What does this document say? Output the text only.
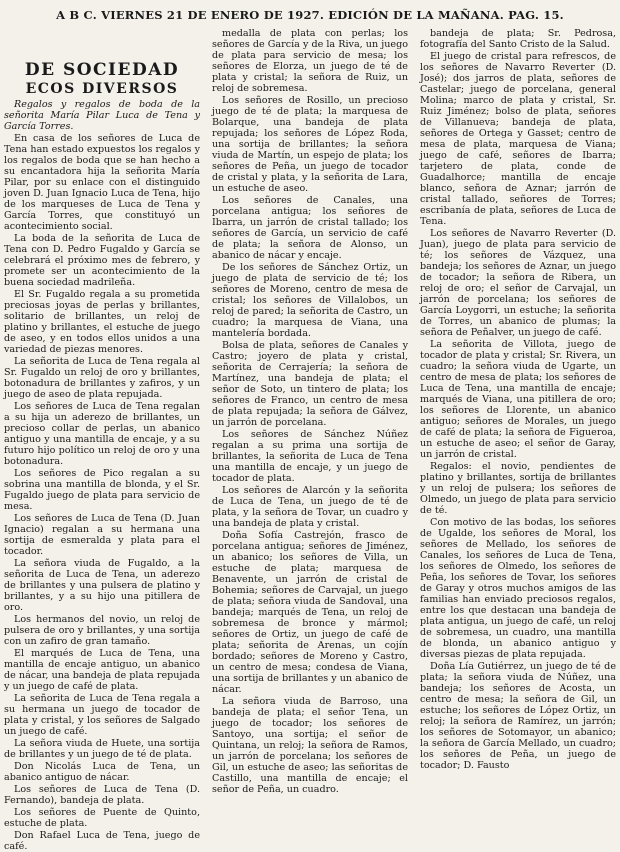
A B C. VIERNES 21 DE ENERO DE 1927. EDICIÓN DE LA MAÑANA. PAG. 15.
DE SOCIEDAD
ECOS DIVERSOS

Regalos y regalos de boda de la señorita María Pilar Luca de Tena y García Torres.

En casa de los señores de Luca de Tena han estado expuestos los regalos y los regalos de boda que se han hecho a su encantadora hija la señorita María Pilar, por su enlace con el distinguido joven D. Juan Ignacio Luca de Tena, hijo de los marqueses de Luca de Tena y García Torres, que constituyó un acontecimiento social.

La boda de la señorita de Luca de Tena con D. Pedro Fugaldo y García se celebrará el próximo mes de febrero, y promete ser un acontecimiento de la buena sociedad madrileña.

El Sr. Fugaldo regala a su prometida preciosas joyas de perlas y brillantes, solitario de brillantes, un reloj de platino y brillantes, el estuche de juego de aseo, y en todos ellos unidos a una variedad de piezas menores.

La señorita de Luca de Tena regala al Sr. Fugaldo un reloj de oro y brillantes, botonadura de brillantes y zafiros, y un juego de aseo de plata repujada.

Los señores de Luca de Tena regalan a su hija un aderezo de brillantes, un precioso collar de perlas, un abanico antiguo y una mantilla de encaje, y a su futuro hijo político un reloj de oro y una botonadura.

Los señores de Pico regalan a su sobrina una mantilla de blonda, y el Sr. Fugaldo juego de plata para servicio de mesa.

Los señores de Luca de Tena (D. Juan Ignacio) regalan a su hermana una sortija de esmeralda y plata para el tocador.

La señora viuda de Fugaldo, a la señorita de Luca de Tena, un aderezo de brillantes y una pulsera de platino y brillantes, y a su hijo una pitillera de oro.

Los hermanos del novio, un reloj de pulsera de oro y brillantes, y una sortija con un zafiro de gran tamaño.

El marqués de Luca de Tena, una mantilla de encaje antiguo, un abanico de nácar, una bandeja de plata repujada y un juego de café de plata.

La señorita de Luca de Tena regala a su hermana un juego de tocador de plata y cristal, y los señores de Salgado un juego de café.

La señora viuda de Huete, una sortija de brillantes y un juego de té de plata.

Don Nicolás Luca de Tena, un abanico antiguo de nácar.

Los señores de Luca de Tena (D. Fernando), bandeja de plata.

Los señores de Puente de Quinto, estuche de plata.

Don Rafael Luca de Tena, juego de café.

medalla de plata con perlas; los señores de García y de la Riva, un juego de plata para servicio de mesa; los señores de Elorza, un juego de té de plata y cristal; la señora de Ruiz, un reloj de sobremesa.

Los señores de Rosillo, un precioso juego de té de plata; la marquesa de Bolarque, una bandeja de plata repujada; los señores de López Roda, una sortija de brillantes; la señora viuda de Martín, un espejo de plata; los señores de Peña, un juego de tocador de cristal y plata, y la señorita de Lara, un estuche de aseo.

Los señores de Canales, una porcelana antigua; los señores de Ibarra, un jarrón de cristal tallado; los señores de García, un servicio de café de plata; la señora de Alonso, un abanico de nácar y encaje.

De los señores de Sánchez Ortiz, un juego de plata de servicio de té; los señores de Moreno, centro de mesa de cristal; los señores de Villalobos, un reloj de pared; la señorita de Castro, un cuadro; la marquesa de Viana, una mantelería bordada.

Bolsa de plata, señores de Canales y Castro; joyero de plata y cristal, señorita de Cerrajería; la señora de Martínez, una bandeja de plata; el señor de Soto, un tintero de plata; los señores de Franco, un centro de mesa de plata repujada; la señora de Gálvez, un jarrón de porcelana.

Los señores de Sánchez Núñez regalan a su prima una sortija de brillantes, la señorita de Luca de Tena una mantilla de encaje, y un juego de tocador de plata.

Los señores de Alarcón y la señorita de Luca de Tena, un juego de té de plata, y la señora de Tovar, un cuadro y una bandeja de plata y cristal.

Doña Sofía Castrejón, frasco de porcelana antigua; señores de Jiménez, un abanico; los señores de Villa, un estuche de plata; marquesa de Benavente, un jarrón de cristal de Bohemia; señores de Carvajal, un juego de plata; señora viuda de Sandoval, una bandeja; marqués de Tena, un reloj de sobremesa de bronce y mármol; señores de Ortiz, un juego de café de plata; señorita de Arenas, un cojín bordado; señores de Moreno y Castro, un centro de mesa; condesa de Viana, una sortija de brillantes y un abanico de nácar.

La señora viuda de Barroso, una bandeja de plata; el señor Tena, un juego de tocador; los señores de Santoyo, una sortija; el señor de Quintana, un reloj; la señora de Ramos, un jarrón de porcelana; los señores de Gil, un estuche de aseo; las señoritas de Castillo, una mantilla de encaje; el señor de Peña, un cuadro.

bandeja de plata; Sr. Pedrosa, fotografía del Santo Cristo de la Salud.

El juego de cristal para refrescos, de los señores de Navarro Reverter (D. José); dos jarros de plata, señores de Castelar; juego de porcelana, general Molina; marco de plata y cristal, Sr. Ruiz Jiménez; bolso de plata, señores de Villanueva; bandeja de plata, señores de Ortega y Gasset; centro de mesa de plata, marquesa de Viana; juego de café, señores de Ibarra; tarjetero de plata, conde de Guadalhorce; mantilla de encaje blanco, señora de Aznar; jarrón de cristal tallado, señores de Torres; escribanía de plata, señores de Luca de Tena.

Los señores de Navarro Reverter (D. Juan), juego de plata para servicio de té; los señores de Vázquez, una bandeja; los señores de Aznar, un juego de tocador; la señora de Ribera, un reloj de oro; el señor de Carvajal, un jarrón de porcelana; los señores de García Loygorri, un estuche; la señorita de Torres, un abanico de plumas; la señora de Peñalver, un juego de café.

La señorita de Villota, juego de tocador de plata y cristal; Sr. Rivera, un cuadro; la señora viuda de Ugarte, un centro de mesa de plata; los señores de Luca de Tena, una mantilla de encaje; marqués de Viana, una pitillera de oro; los señores de Llorente, un abanico antiguo; señores de Morales, un juego de café de plata; la señora de Figueroa, un estuche de aseo; el señor de Garay, un jarrón de cristal.

Regalos: el novio, pendientes de platino y brillantes, sortija de brillantes y un reloj de pulsera; los señores de Olmedo, un juego de plata para servicio de té.

Con motivo de las bodas, los señores de Ugalde, los señores de Moral, los señores de Mellado, los señores de Canales, los señores de Luca de Tena, los señores de Olmedo, los señores de Peña, los señores de Tovar, los señores de Garay y otros muchos amigos de las familias han enviado preciosos regalos, entre los que destacan una bandeja de plata antigua, un juego de café, un reloj de sobremesa, un cuadro, una mantilla de blonda, un abanico antiguo y diversas piezas de plata repujada.

Doña Lía Gutiérrez, un juego de té de plata; la señora viuda de Núñez, una bandeja; los señores de Acosta, un centro de mesa; la señora de Gil, un estuche; los señores de López Ortiz, un reloj; la señora de Ramírez, un jarrón; los señores de Sotomayor, un abanico; la señora de García Mellado, un cuadro; los señores de Peña, un juego de tocador; D. Fausto
